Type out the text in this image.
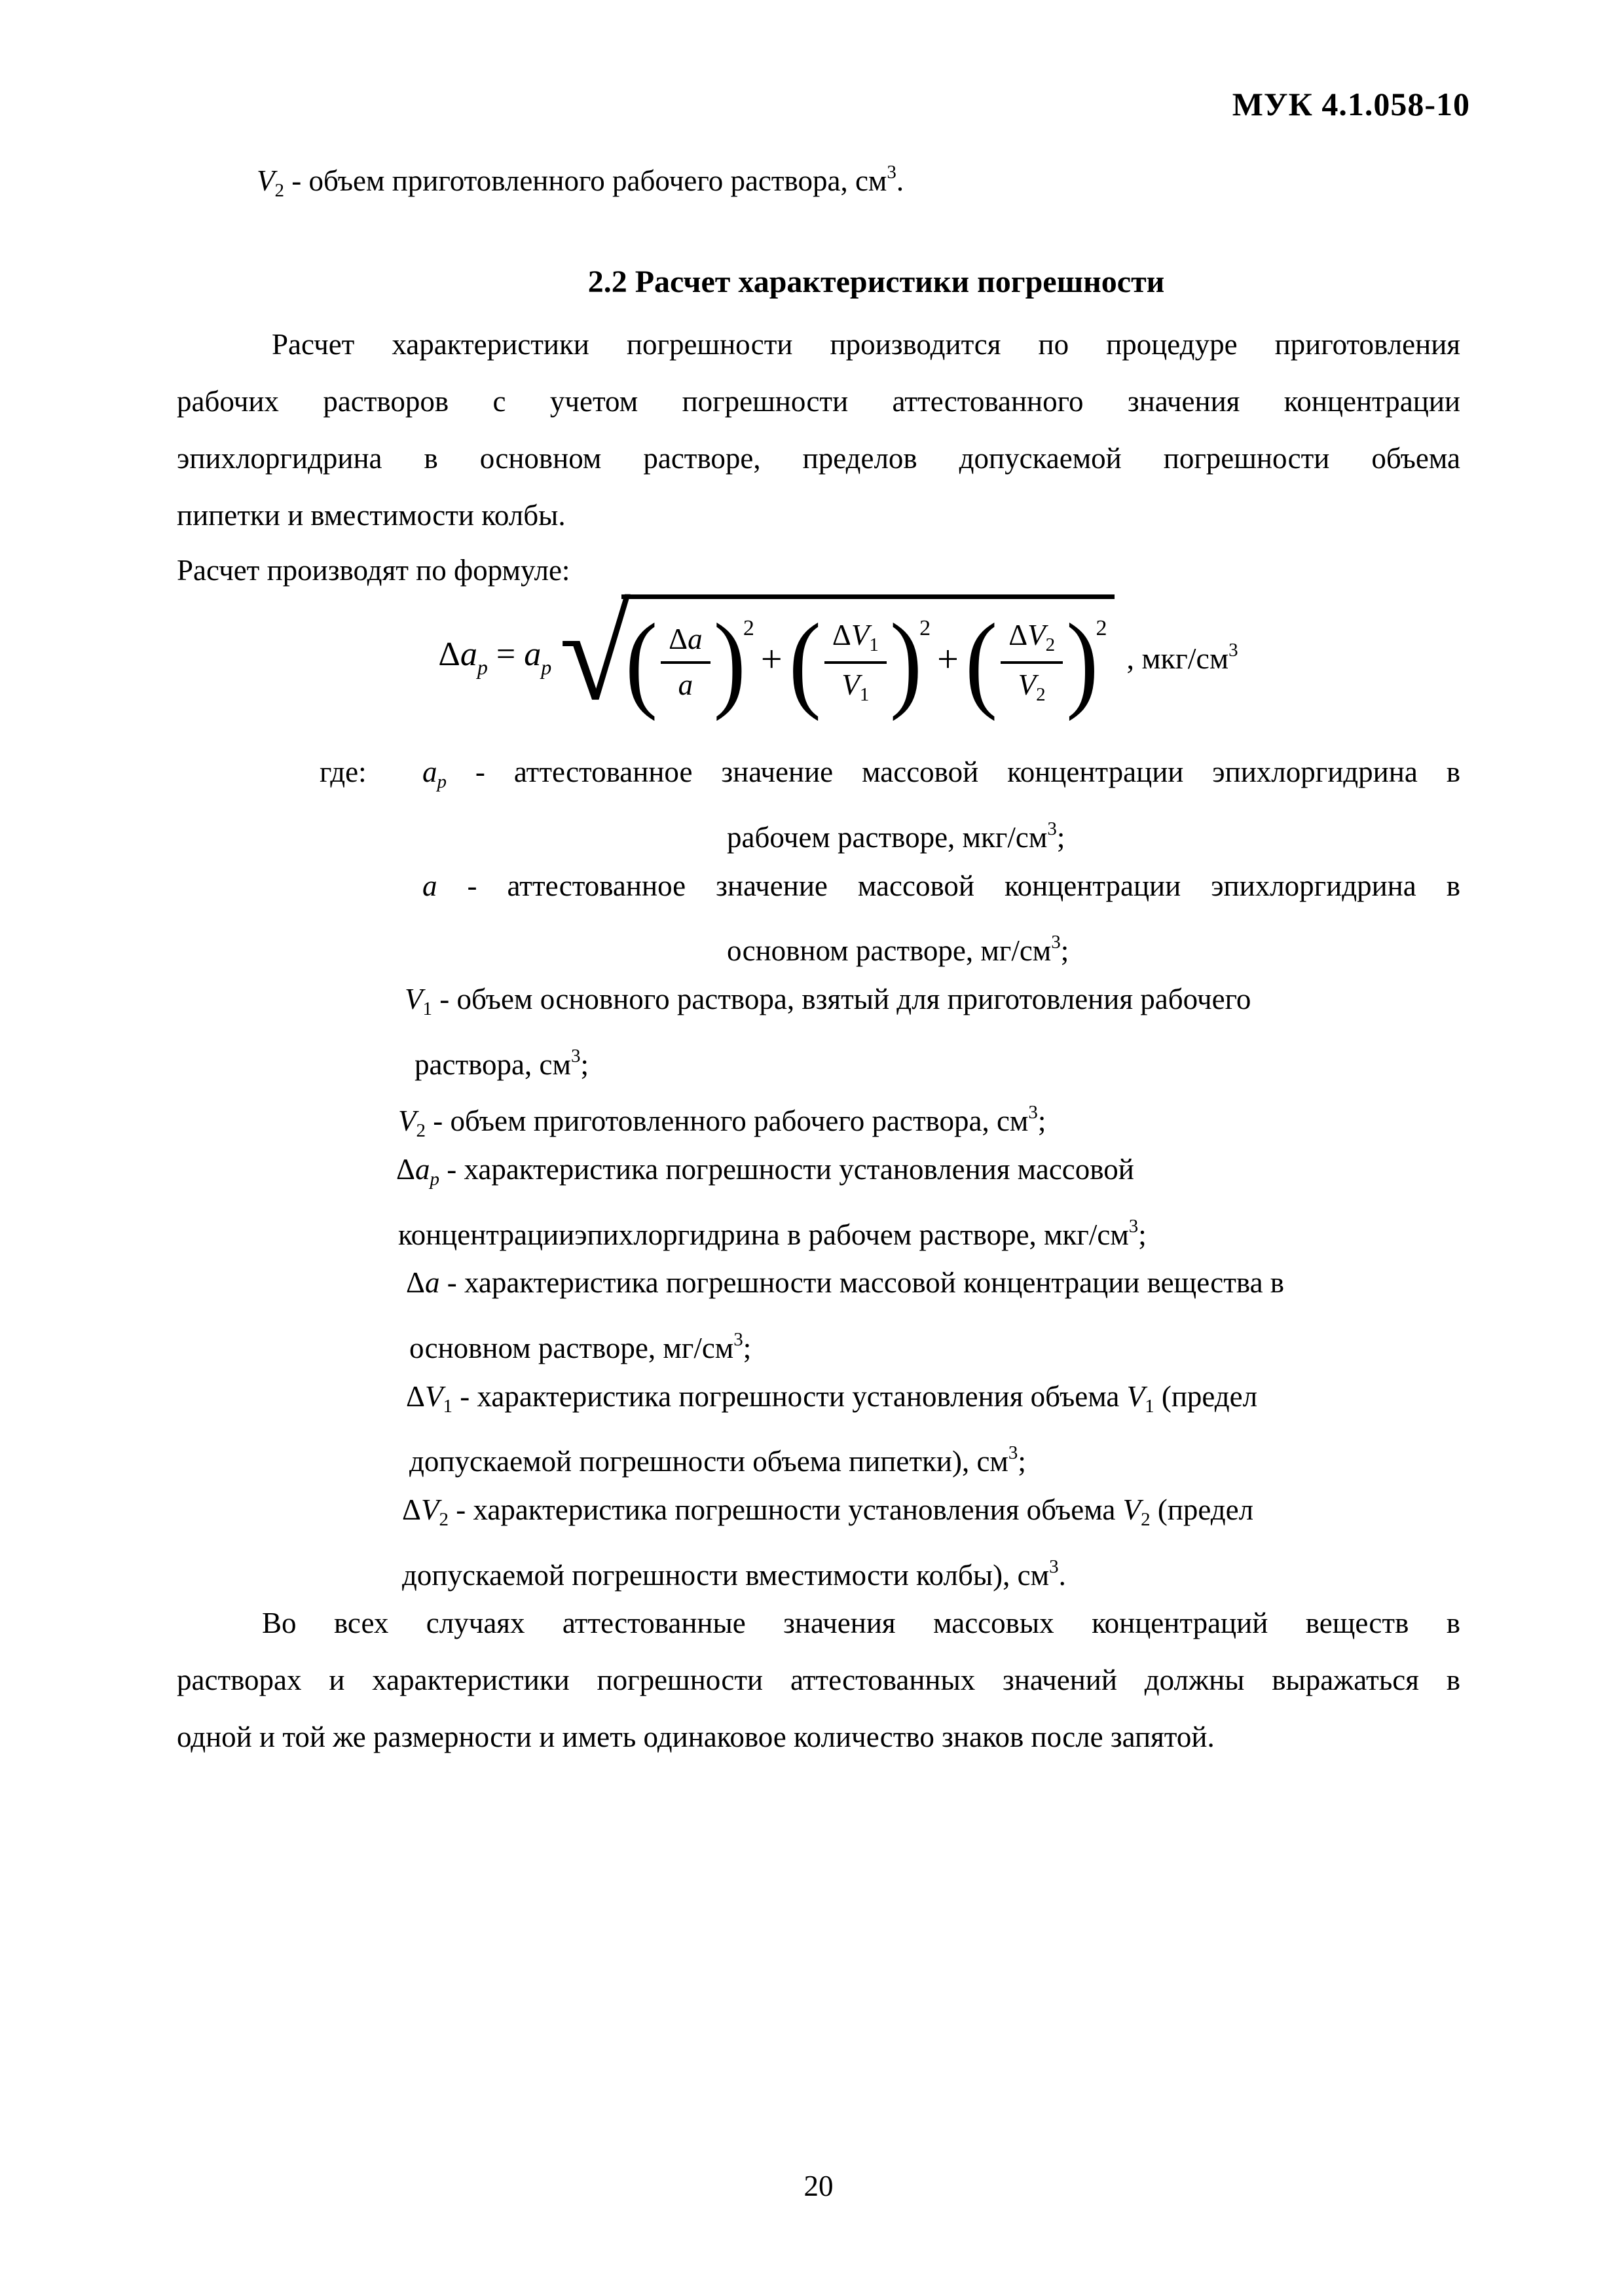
МУК 4.1.058-10
$V_2$ - объем приготовленного рабочего раствора, $см^3$.
2.2 Расчет характеристики погрешности
Расчет характеристики погрешности производится по процедуре приготовления
рабочих растворов с учетом погрешности аттестованного значения концентрации
эпихлоргидрина в основном растворе, пределов допускаемой погрешности объема
пипетки и вместимости колбы.
Расчет производят по формуле:
$\Delta a_p = a_p$ √
( $\frac{\Delta a}{a}$ )
2
+ ( $\frac{\Delta V_1}{V_1}$ )
2
+ ( $\frac{\Delta V_2}{V_2}$ )
2
, мкг/$см^3$
где: $a_p$ - аттестованное значение массовой концентрации эпихлоргидрина в
рабочем растворе, мкг/$см^3$;
a - аттестованное значение массовой концентрации эпихлоргидрина в
основном растворе, $мг/см^3$;
$V_1$ - объем основного раствора, взятый для приготовления рабочего
раствора, $см^3$;
$V_2$ - объем приготовленного рабочего раствора, $см^3$;
$\Delta a_p$ - характеристика погрешности установления массовой
концентрацииэпихлоргидрина в рабочем растворе, мкг/$см^3$;
Δa - характеристика погрешности массовой концентрации вещества в
основном растворе, $мг/см^3$;
$\Delta V_1$ - характеристика погрешности установления объема $V_1$ (предел
допускаемой погрешности объема пипетки), $см^3$;
$\Delta V_2$ - характеристика погрешности установления объема $V_2$ (предел
допускаемой погрешности вместимости колбы), $см^3$.
Во всех случаях аттестованные значения массовых концентраций веществ в
растворах и характеристики погрешности аттестованных значений должны выражаться в
одной и той же размерности и иметь одинаковое количество знаков после запятой.
20
